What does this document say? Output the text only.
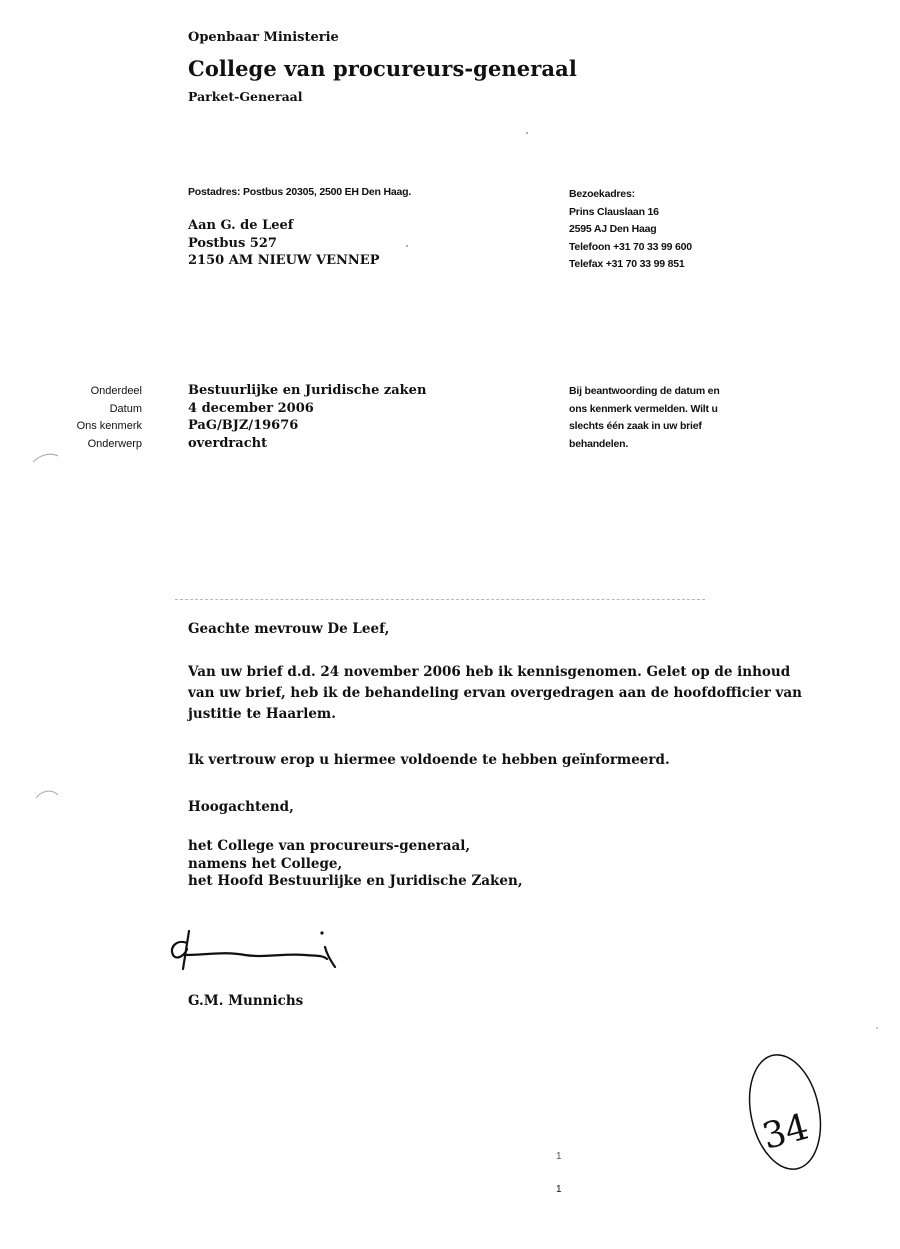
Openbaar Ministerie
College van procureurs-generaal
Parket-Generaal
Postadres: Postbus 20305, 2500 EH Den Haag.
Aan G. de Leef
Postbus 527
2150 AM NIEUW VENNEP
Bezoekadres:
Prins Clauslaan 16
2595 AJ Den Haag
Telefoon +31 70 33 99 600
Telefax +31 70 33 99 851
Onderdeel
Datum
Ons kenmerk
Onderwerp
Bestuurlijke en Juridische zaken
4 december 2006
PaG/BJZ/19676
overdracht
Bij beantwoording de datum en ons kenmerk vermelden. Wilt u slechts één zaak in uw brief behandelen.
Geachte mevrouw De Leef,
Van uw brief d.d. 24 november 2006 heb ik kennisgenomen. Gelet op de inhoud van uw brief, heb ik de behandeling ervan overgedragen aan de hoofdofficier van justitie te Haarlem.
Ik vertrouw erop u hiermee voldoende te hebben geïnformeerd.
Hoogachtend,
het College van procureurs-generaal,
namens het College,
het Hoofd Bestuurlijke en Juridische Zaken,
G.M. Munnichs
34
1
1
